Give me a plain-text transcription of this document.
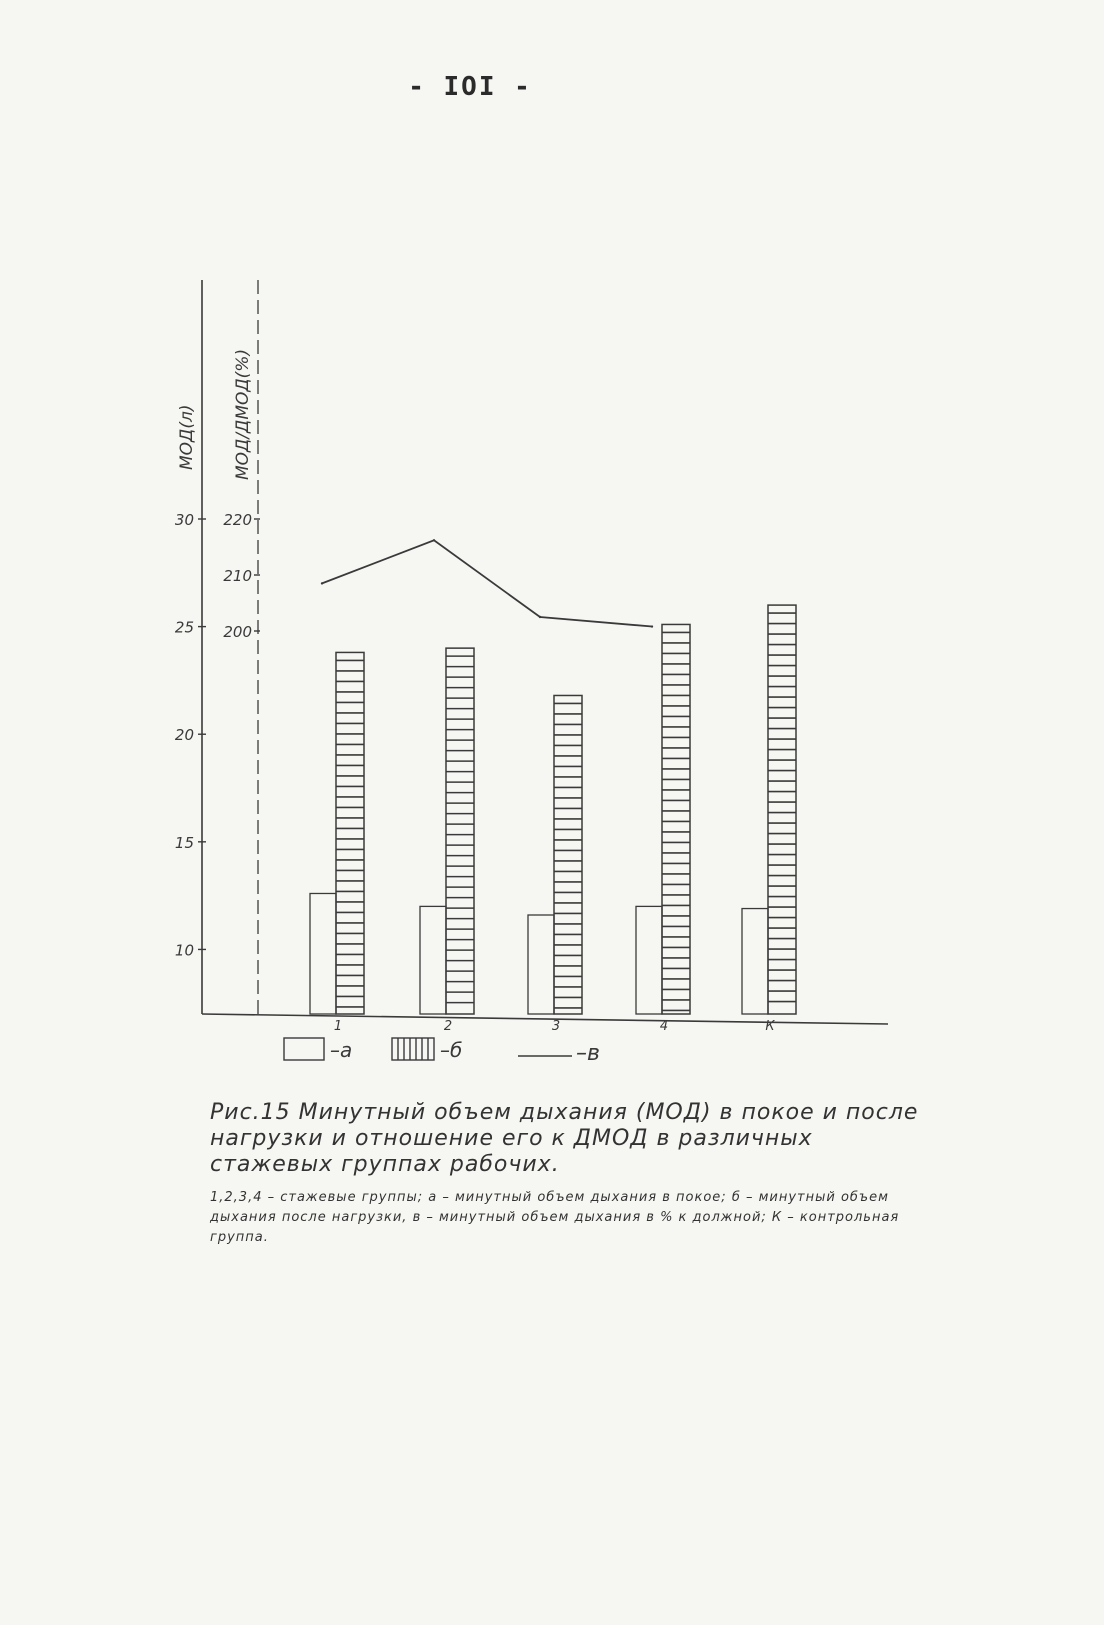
- IOI -
МОД(л) МОД/ДМОД(%)
10
15
20
25
30
200
210
220
1	2	3	4	К
–а	–б	–в
Рис.15 Минутный объем дыхания (МОД) в покое и после нагрузки и отношение его к ДМОД в различных стажевых группах рабочих.
1,2,3,4 – стажевые группы; а – минутный объем дыхания в покое; б – минутный объем дыхания после нагрузки, в – минутный объем дыхания в % к должной; К – контрольная группа.
